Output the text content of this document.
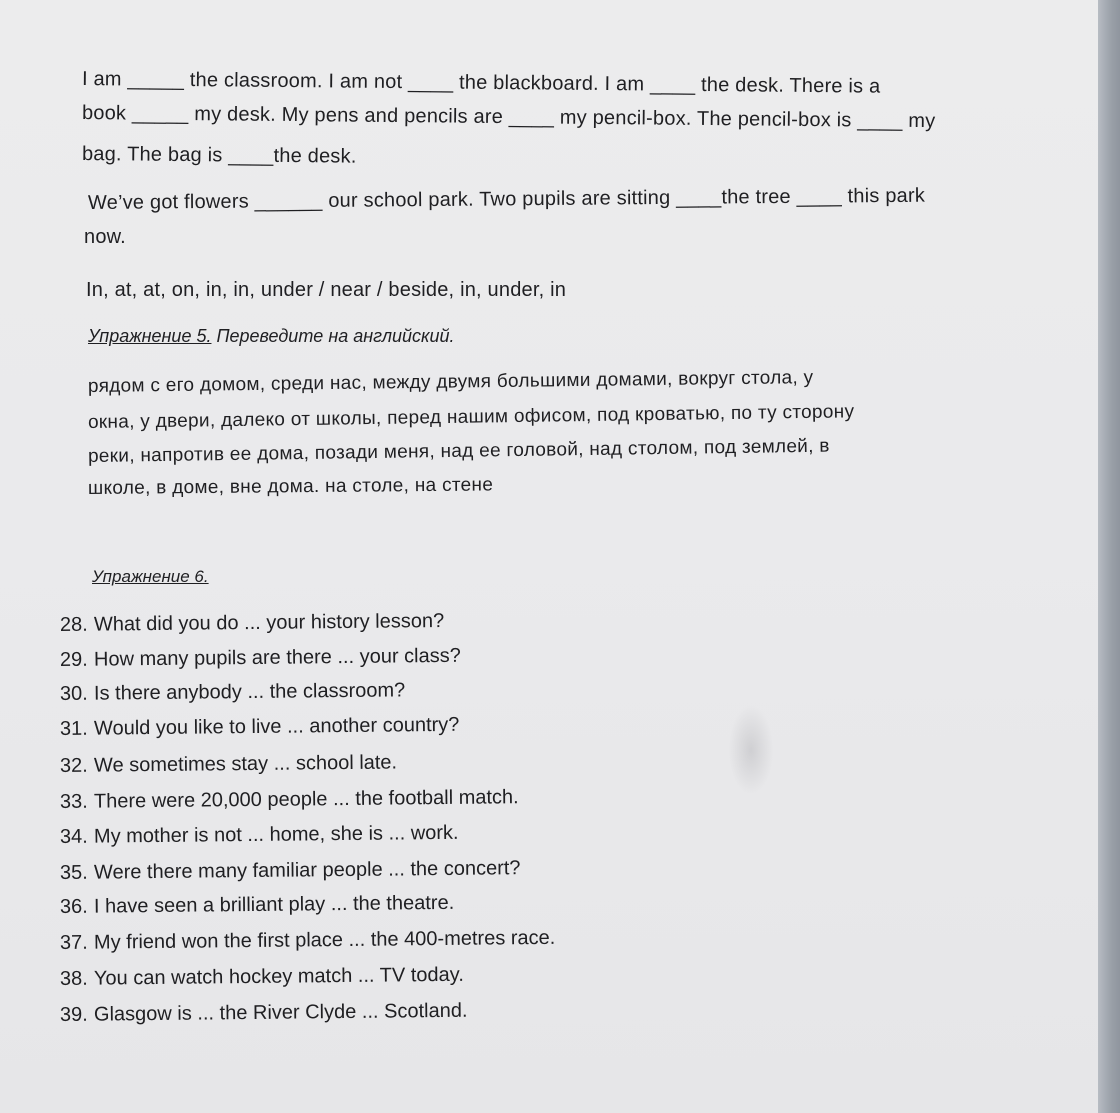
I am _____ the classroom. I am not ____ the blackboard. I am ____ the desk. There is a
book _____ my desk. My pens and pencils are ____ my pencil-box. The pencil-box is ____ my
bag. The bag is ____the desk.
We’ve got flowers ______ our school park. Two pupils are sitting ____the tree ____ this park
now.
In, at, at, on, in, in, under / near / beside, in, under, in
Упражнение 5. Переведите на английский.
рядом с его домом, среди нас, между двумя большими домами, вокруг стола, у
окна, у двери, далеко от школы, перед нашим офисом, под кроватью, по ту сторону
реки, напротив ее дома, позади меня, над ее головой, над столом, под землей, в
школе, в доме, вне дома. на столе, на стене
Упражнение 6.
28. What did you do ... your history lesson?
29. How many pupils are there ... your class?
30. Is there anybody ... the classroom?
31. Would you like to live ... another country?
32. We sometimes stay ... school late.
33. There were 20,000 people ... the football match.
34. My mother is not ... home, she is ... work.
35. Were there many familiar people ... the concert?
36. I have seen a brilliant play ... the theatre.
37. My friend won the first place ... the 400-metres race.
38. You can watch hockey match ... TV today.
39. Glasgow is ... the River Clyde ... Scotland.
